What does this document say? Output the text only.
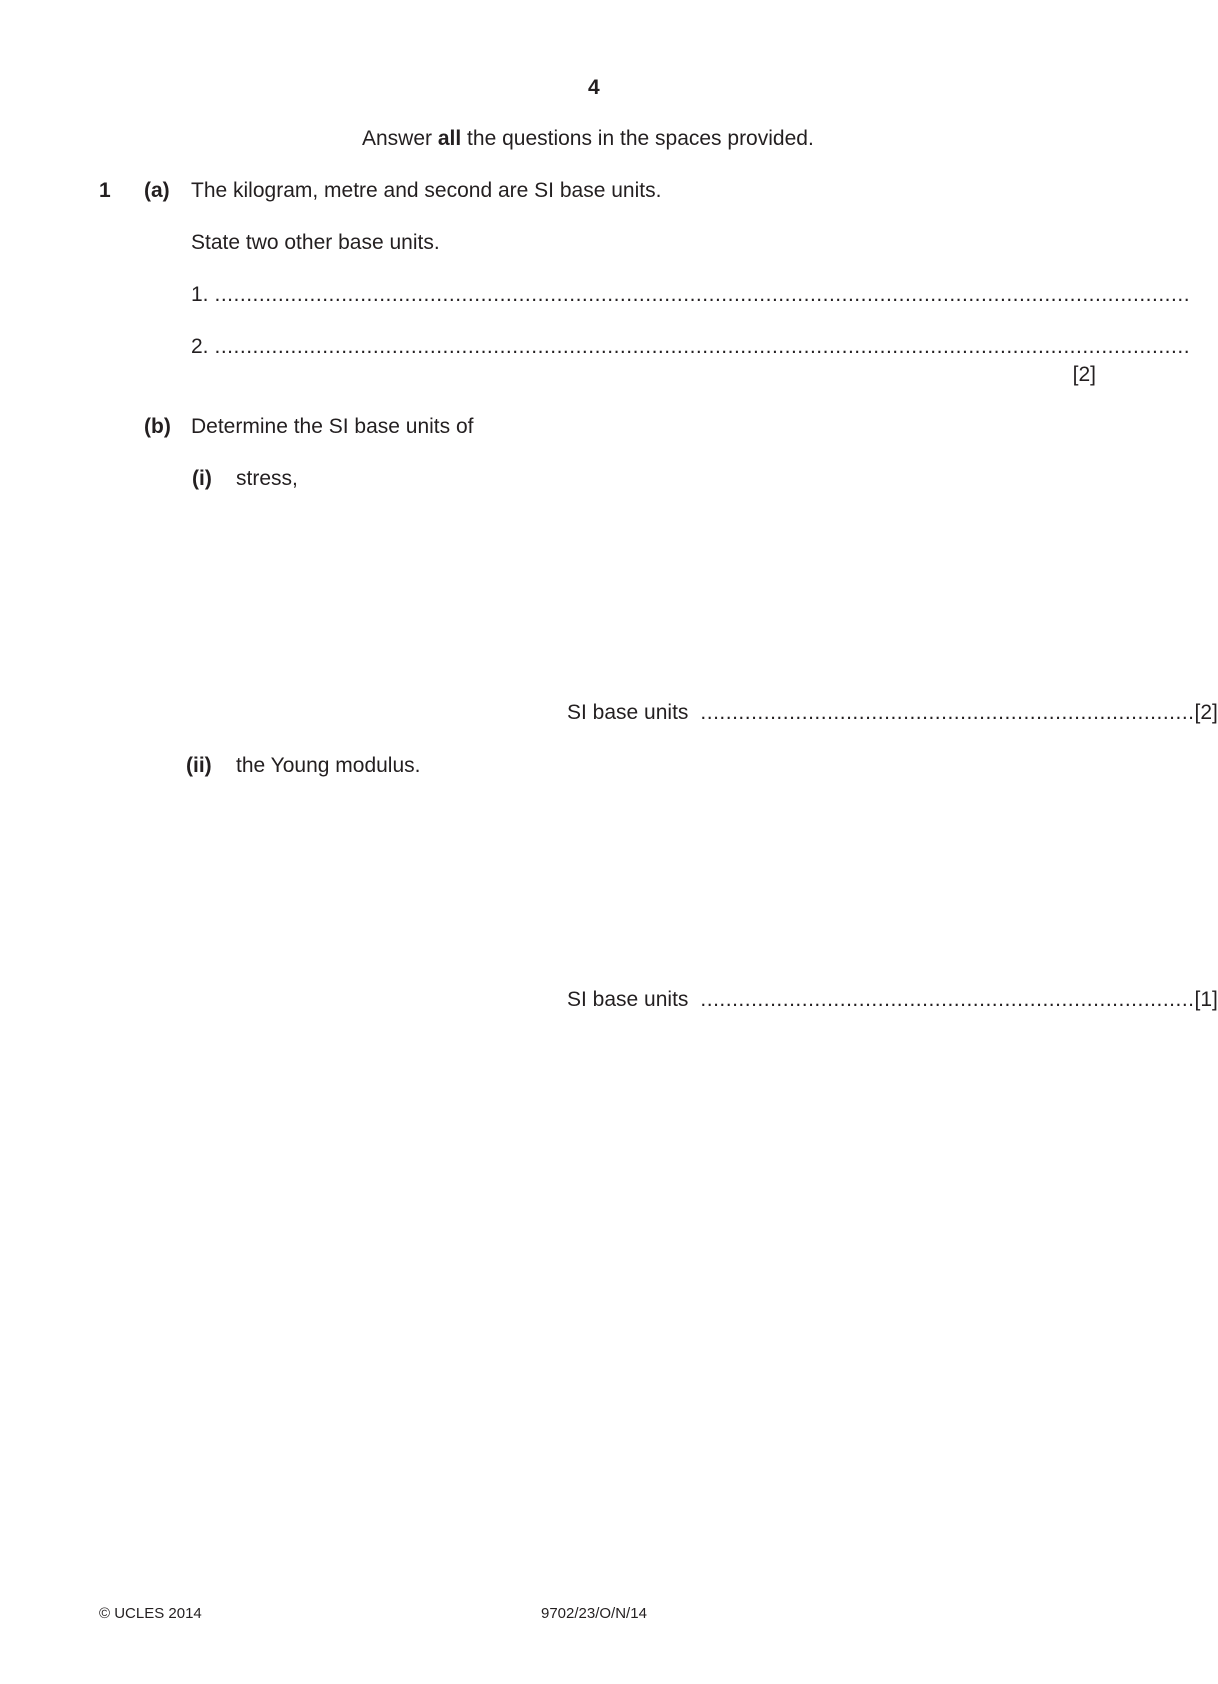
4
Answer all the questions in the spaces provided.
1 (a) The kilogram, metre and second are SI base units.
State two other base units.
1. ..........................................................................................................................................................
2. ..........................................................................................................................................................
[2]
(b) Determine the SI base units of
(i) stress,
SI base units .............................................................................. [2]
(ii) the Young modulus.
SI base units .............................................................................. [1]
© UCLES 2014	9702/23/O/N/14
